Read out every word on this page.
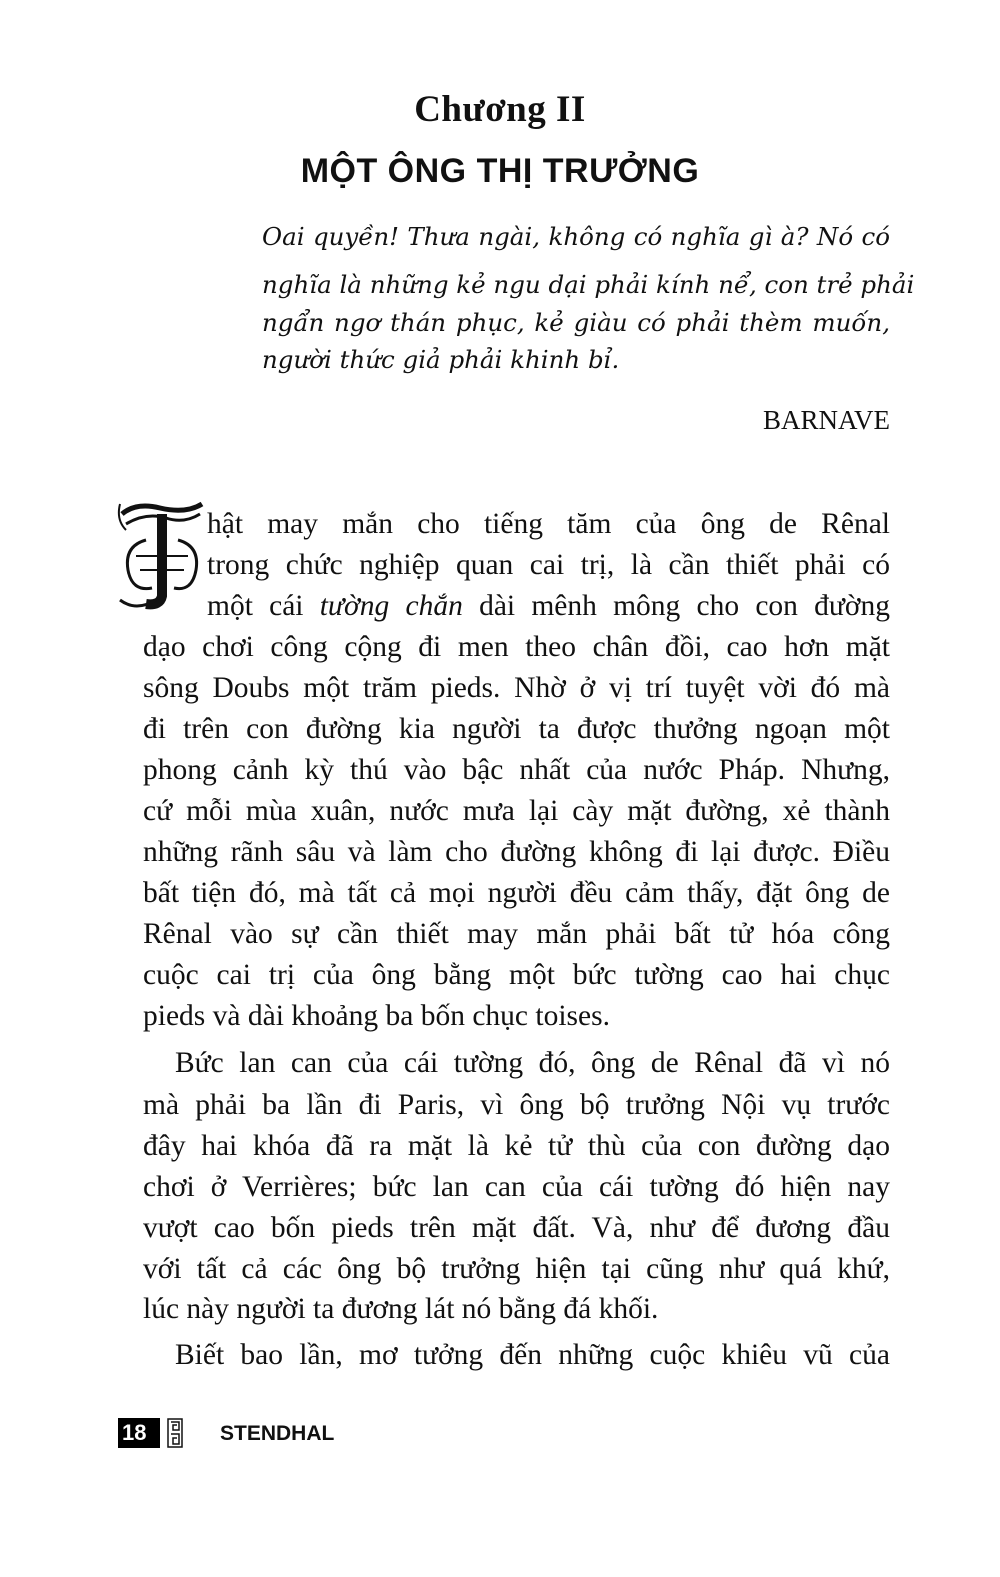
Chương II
MỘT ÔNG THỊ TRƯỞNG
Oai quyền! Thưa ngài, không có nghĩa gì à? Nó có
nghĩa là những kẻ ngu dại phải kính nể, con trẻ phải
ngẩn ngơ thán phục, kẻ giàu có phải thèm muốn,
người thức giả phải khinh bỉ.
BARNAVE
hật may mắn cho tiếng tăm của ông de Rênal
trong chức nghiệp quan cai trị, là cần thiết phải có
một cái tường chắn dài mênh mông cho con đường
dạo chơi công cộng đi men theo chân đồi, cao hơn mặt
sông Doubs một trăm pieds. Nhờ ở vị trí tuyệt vời đó mà
đi trên con đường kia người ta được thưởng ngoạn một
phong cảnh kỳ thú vào bậc nhất của nước Pháp. Nhưng,
cứ mỗi mùa xuân, nước mưa lại cày mặt đường, xẻ thành
những rãnh sâu và làm cho đường không đi lại được. Điều
bất tiện đó, mà tất cả mọi người đều cảm thấy, đặt ông de
Rênal vào sự cần thiết may mắn phải bất tử hóa công
cuộc cai trị của ông bằng một bức tường cao hai chục
pieds và dài khoảng ba bốn chục toises.
Bức lan can của cái tường đó, ông de Rênal đã vì nó
mà phải ba lần đi Paris, vì ông bộ trưởng Nội vụ trước
đây hai khóa đã ra mặt là kẻ tử thù của con đường dạo
chơi ở Verrières; bức lan can của cái tường đó hiện nay
vượt cao bốn pieds trên mặt đất. Và, như để đương đầu
với tất cả các ông bộ trưởng hiện tại cũng như quá khứ,
lúc này người ta đương lát nó bằng đá khối.
Biết bao lần, mơ tưởng đến những cuộc khiêu vũ của
18	STENDHAL
